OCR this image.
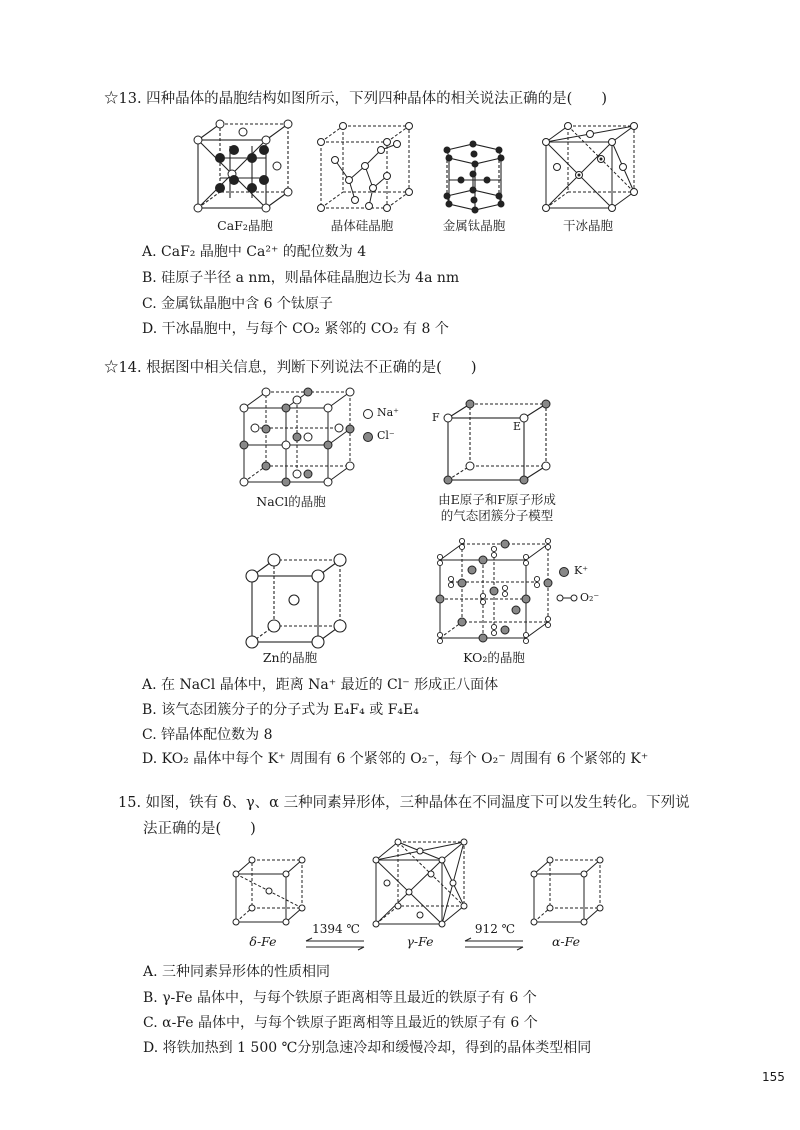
☆13. 四种晶体的晶胞结构如图所示，下列四种晶体的相关说法正确的是(　　)
CaF₂晶胞	晶体硅晶胞	金属钛晶胞	干冰晶胞
A. CaF₂ 晶胞中 Ca²⁺ 的配位数为 4
B. 硅原子半径 a nm，则晶体硅晶胞边长为 4a nm
C. 金属钛晶胞中含 6 个钛原子
D. 干冰晶胞中，与每个 CO₂ 紧邻的 CO₂ 有 8 个
☆14. 根据图中相关信息，判断下列说法不正确的是(　　)
Na⁺
Cl⁻
NaCl的晶胞
F
E
由E原子和F原子形成
的气态团簇分子模型
Zn的晶胞
K⁺
O₂⁻
KO₂的晶胞
A. 在 NaCl 晶体中，距离 Na⁺ 最近的 Cl⁻ 形成正八面体
B. 该气态团簇分子的分子式为 E₄F₄ 或 F₄E₄
C. 锌晶体配位数为 8
D. KO₂ 晶体中每个 K⁺ 周围有 6 个紧邻的 O₂⁻，每个 O₂⁻ 周围有 6 个紧邻的 K⁺
15. 如图，铁有 δ、γ、α 三种同素异形体，三种晶体在不同温度下可以发生转化。下列说
法正确的是(　　)
δ-Fe
1394 ℃
γ-Fe
912 ℃
α-Fe
A. 三种同素异形体的性质相同
B. γ-Fe 晶体中，与每个铁原子距离相等且最近的铁原子有 6 个
C. α-Fe 晶体中，与每个铁原子距离相等且最近的铁原子有 6 个
D. 将铁加热到 1 500 ℃分别急速冷却和缓慢冷却，得到的晶体类型相同
155
